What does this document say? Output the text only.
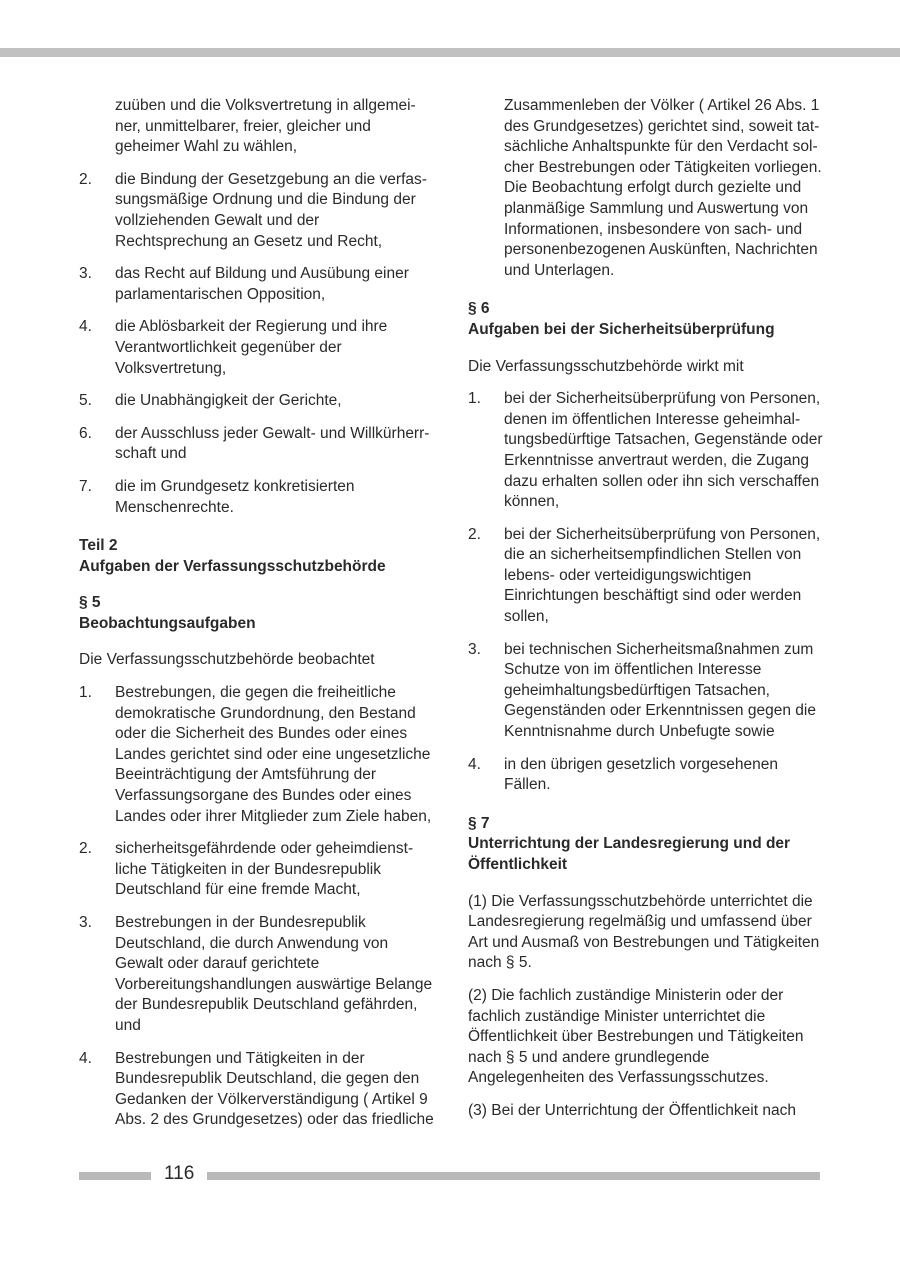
zuüben und die Volksvertretung in allgemei-
ner, unmittelbarer, freier, gleicher und
geheimer Wahl zu wählen,
2. die Bindung der Gesetzgebung an die verfas-
sungsmäßige Ordnung und die Bindung der
vollziehenden Gewalt und der
Rechtsprechung an Gesetz und Recht,
3. das Recht auf Bildung und Ausübung einer
parlamentarischen Opposition,
4. die Ablösbarkeit der Regierung und ihre
Verantwortlichkeit gegenüber der
Volksvertretung,
5. die Unabhängigkeit der Gerichte,
6. der Ausschluss jeder Gewalt- und Willkürherr-
schaft und
7. die im Grundgesetz konkretisierten
Menschenrechte.
Teil 2
Aufgaben der Verfassungsschutzbehörde
§ 5
Beobachtungsaufgaben
Die Verfassungsschutzbehörde beobachtet
1. Bestrebungen, die gegen die freiheitliche
demokratische Grundordnung, den Bestand
oder die Sicherheit des Bundes oder eines
Landes gerichtet sind oder eine ungesetzliche
Beeinträchtigung der Amtsführung der
Verfassungsorgane des Bundes oder eines
Landes oder ihrer Mitglieder zum Ziele haben,
2. sicherheitsgefährdende oder geheimdienst-
liche Tätigkeiten in der Bundesrepublik
Deutschland für eine fremde Macht,
3. Bestrebungen in der Bundesrepublik
Deutschland, die durch Anwendung von
Gewalt oder darauf gerichtete
Vorbereitungshandlungen auswärtige Belange
der Bundesrepublik Deutschland gefährden,
und
4. Bestrebungen und Tätigkeiten in der
Bundesrepublik Deutschland, die gegen den
Gedanken der Völkerverständigung ( Artikel 9
Abs. 2 des Grundgesetzes) oder das friedliche
Zusammenleben der Völker ( Artikel 26 Abs. 1
des Grundgesetzes) gerichtet sind, soweit tat-
sächliche Anhaltspunkte für den Verdacht sol-
cher Bestrebungen oder Tätigkeiten vorliegen.
Die Beobachtung erfolgt durch gezielte und
planmäßige Sammlung und Auswertung von
Informationen, insbesondere von sach- und
personenbezogenen Auskünften, Nachrichten
und Unterlagen.
§ 6
Aufgaben bei der Sicherheitsüberprüfung
Die Verfassungsschutzbehörde wirkt mit
1. bei der Sicherheitsüberprüfung von Personen,
denen im öffentlichen Interesse geheimhal-
tungsbedürftige Tatsachen, Gegenstände oder
Erkenntnisse anvertraut werden, die Zugang
dazu erhalten sollen oder ihn sich verschaffen
können,
2. bei der Sicherheitsüberprüfung von Personen,
die an sicherheitsempfindlichen Stellen von
lebens- oder verteidigungswichtigen
Einrichtungen beschäftigt sind oder werden
sollen,
3. bei technischen Sicherheitsmaßnahmen zum
Schutze von im öffentlichen Interesse
geheimhaltungsbedürftigen Tatsachen,
Gegenständen oder Erkenntnissen gegen die
Kenntnisnahme durch Unbefugte sowie
4. in den übrigen gesetzlich vorgesehenen
Fällen.
§ 7
Unterrichtung der Landesregierung und der
Öffentlichkeit
(1) Die Verfassungsschutzbehörde unterrichtet die
Landesregierung regelmäßig und umfassend über
Art und Ausmaß von Bestrebungen und Tätigkeiten
nach § 5.
(2) Die fachlich zuständige Ministerin oder der
fachlich zuständige Minister unterrichtet die
Öffentlichkeit über Bestrebungen und Tätigkeiten
nach § 5 und andere grundlegende
Angelegenheiten des Verfassungsschutzes.
(3) Bei der Unterrichtung der Öffentlichkeit nach
116
